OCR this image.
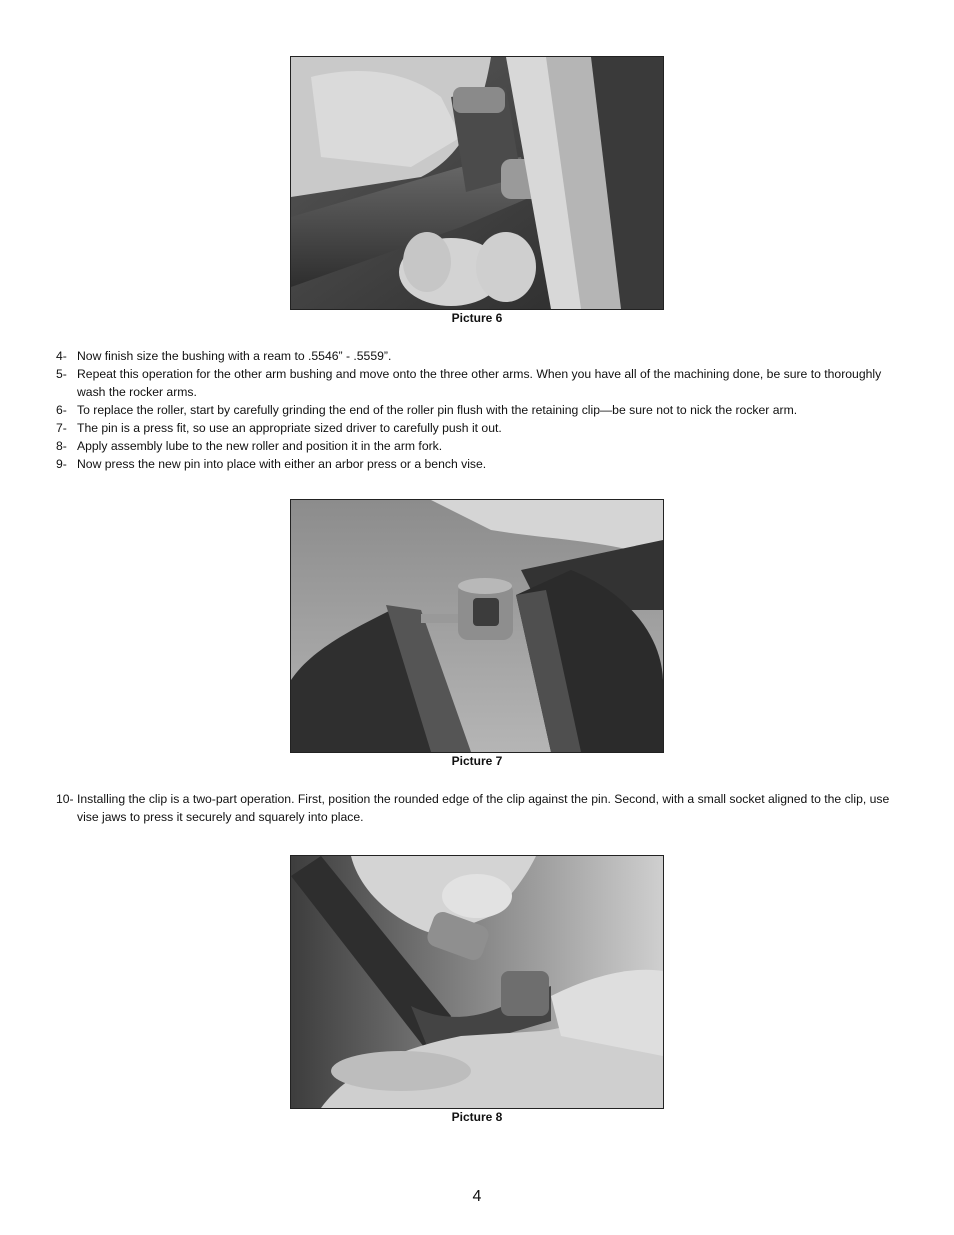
Picture 6
4- Now finish size the bushing with a ream to .5546” - .5559”.
5- Repeat this operation for the other arm bushing and move onto the three other arms. When you have all of the machining done, be sure to thoroughly wash the rocker arms.
6- To replace the roller, start by carefully grinding the end of the roller pin flush with the retaining clip—be sure not to nick the rocker arm.
7- The pin is a press fit, so use an appropriate sized driver to carefully push it out.
8- Apply assembly lube to the new roller and position it in the arm fork.
9- Now press the new pin into place with either an arbor press or a bench vise.
Picture 7
10- Installing the clip is a two-part operation. First, position the rounded edge of the clip against the pin. Second, with a small socket aligned to the clip, use vise jaws to press it securely and squarely into place.
Picture 8
4
